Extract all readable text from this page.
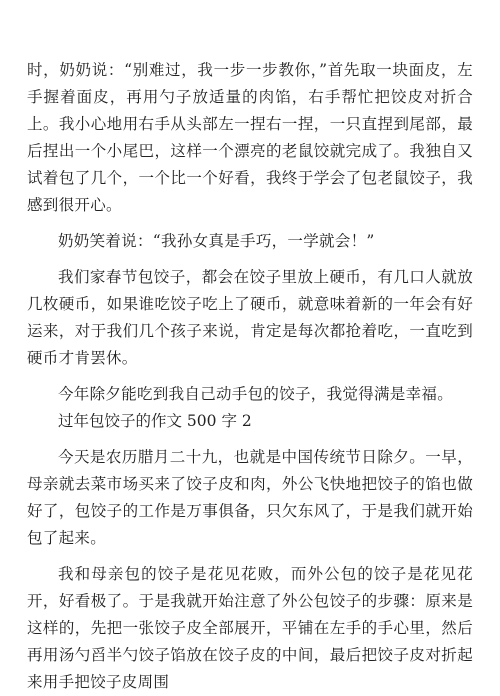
时，奶奶说：“别难过，我一步一步教你，”首先取一块面皮，左手握着面皮，再用勺子放适量的肉馅，右手帮忙把饺皮对折合上。我小心地用右手从头部左一捏右一捏，一只直捏到尾部，最后捏出一个小尾巴，这样一个漂亮的老鼠饺就完成了。我独自又试着包了几个，一个比一个好看，我终于学会了包老鼠饺子，我感到很开心。

奶奶笑着说：“我孙女真是手巧，一学就会！”

我们家春节包饺子，都会在饺子里放上硬币，有几口人就放几枚硬币，如果谁吃饺子吃上了硬币，就意味着新的一年会有好运来，对于我们几个孩子来说，肯定是每次都抢着吃，一直吃到硬币才肯罢休。

今年除夕能吃到我自己动手包的饺子，我觉得满是幸福。

过年包饺子的作文 500 字 2

今天是农历腊月二十九，也就是中国传统节日除夕。一早，母亲就去菜市场买来了饺子皮和肉，外公飞快地把饺子的馅也做好了，包饺子的工作是万事俱备，只欠东风了，于是我们就开始包了起来。

我和母亲包的饺子是花见花败，而外公包的饺子是花见花开，好看极了。于是我就开始注意了外公包饺子的步骤：原来是这样的，先把一张饺子皮全部展开，平铺在左手的手心里，然后再用汤勺舀半勺饺子馅放在饺子皮的中间，最后把饺子皮对折起来用手把饺子皮周围
